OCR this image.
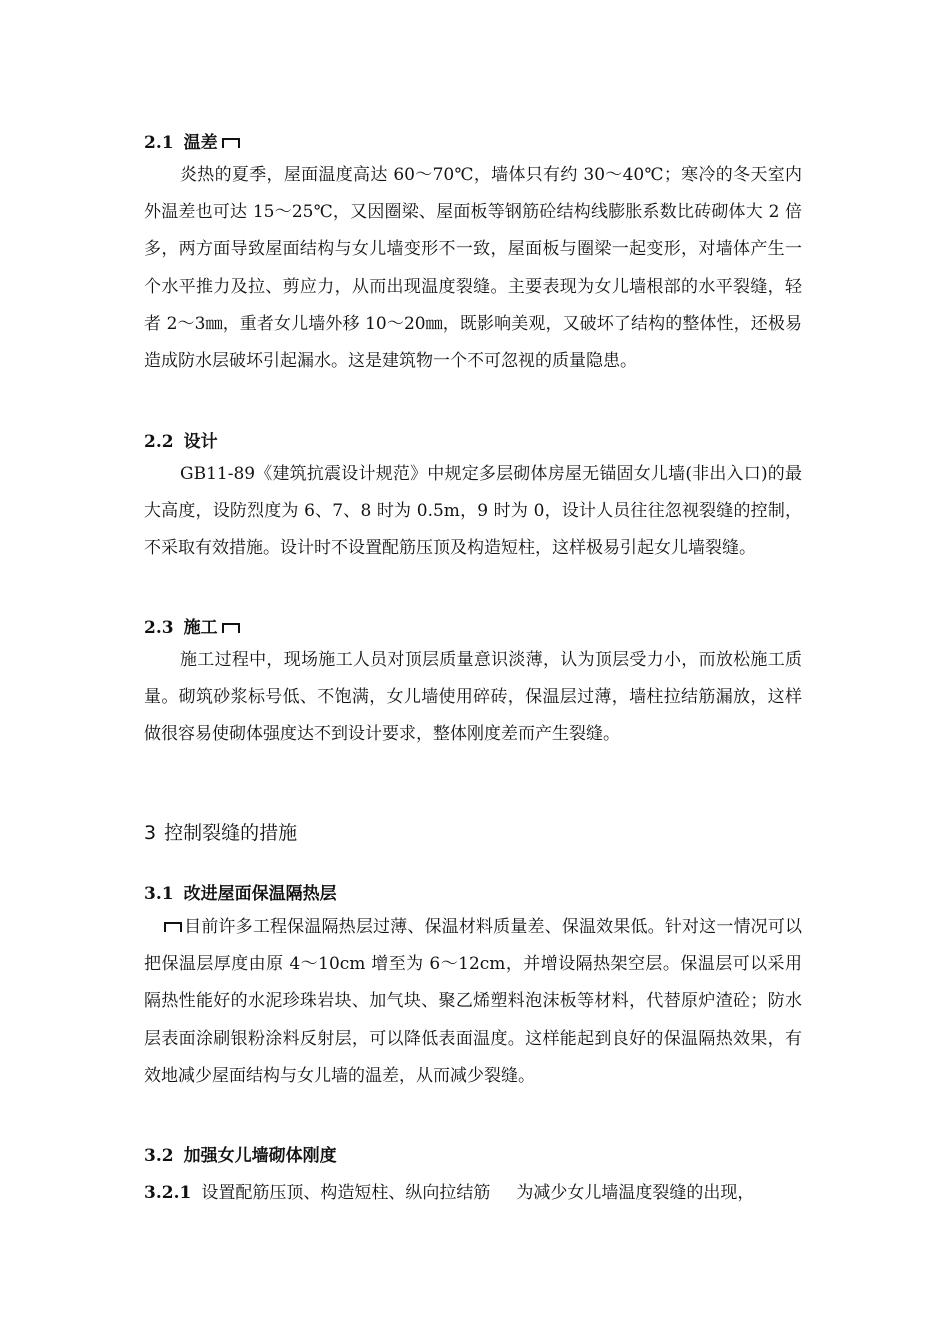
2.1 温差
炎热的夏季，屋面温度高达 60～70℃，墙体只有约 30～40℃；寒冷的冬天室内外温差也可达 15～25℃，又因圈梁、屋面板等钢筋砼结构线膨胀系数比砖砌体大 2 倍多，两方面导致屋面结构与女儿墙变形不一致，屋面板与圈梁一起变形，对墙体产生一个水平推力及拉、剪应力，从而出现温度裂缝。主要表现为女儿墙根部的水平裂缝，轻者 2～3㎜，重者女儿墙外移 10～20㎜，既影响美观，又破坏了结构的整体性，还极易造成防水层破坏引起漏水。这是建筑物一个不可忽视的质量隐患。
2.2 设计
GB11-89《建筑抗震设计规范》中规定多层砌体房屋无锚固女儿墙(非出入口)的最大高度，设防烈度为 6、7、8 时为 0.5m，9 时为 0，设计人员往往忽视裂缝的控制，不采取有效措施。设计时不设置配筋压顶及构造短柱，这样极易引起女儿墙裂缝。
2.3 施工
施工过程中，现场施工人员对顶层质量意识淡薄，认为顶层受力小，而放松施工质量。砌筑砂浆标号低、不饱满，女儿墙使用碎砖，保温层过薄，墙柱拉结筋漏放，这样做很容易使砌体强度达不到设计要求，整体刚度差而产生裂缝。
3 控制裂缝的措施
3.1 改进屋面保温隔热层
目前许多工程保温隔热层过薄、保温材料质量差、保温效果低。针对这一情况可以把保温层厚度由原 4～10cm 增至为 6～12cm，并增设隔热架空层。保温层可以采用隔热性能好的水泥珍珠岩块、加气块、聚乙烯塑料泡沫板等材料，代替原炉渣砼；防水层表面涂刷银粉涂料反射层，可以降低表面温度。这样能起到良好的保温隔热效果，有效地减少屋面结构与女儿墙的温差，从而减少裂缝。
3.2 加强女儿墙砌体刚度
3.2.1 设置配筋压顶、构造短柱、纵向拉结筋 为减少女儿墙温度裂缝的出现，
